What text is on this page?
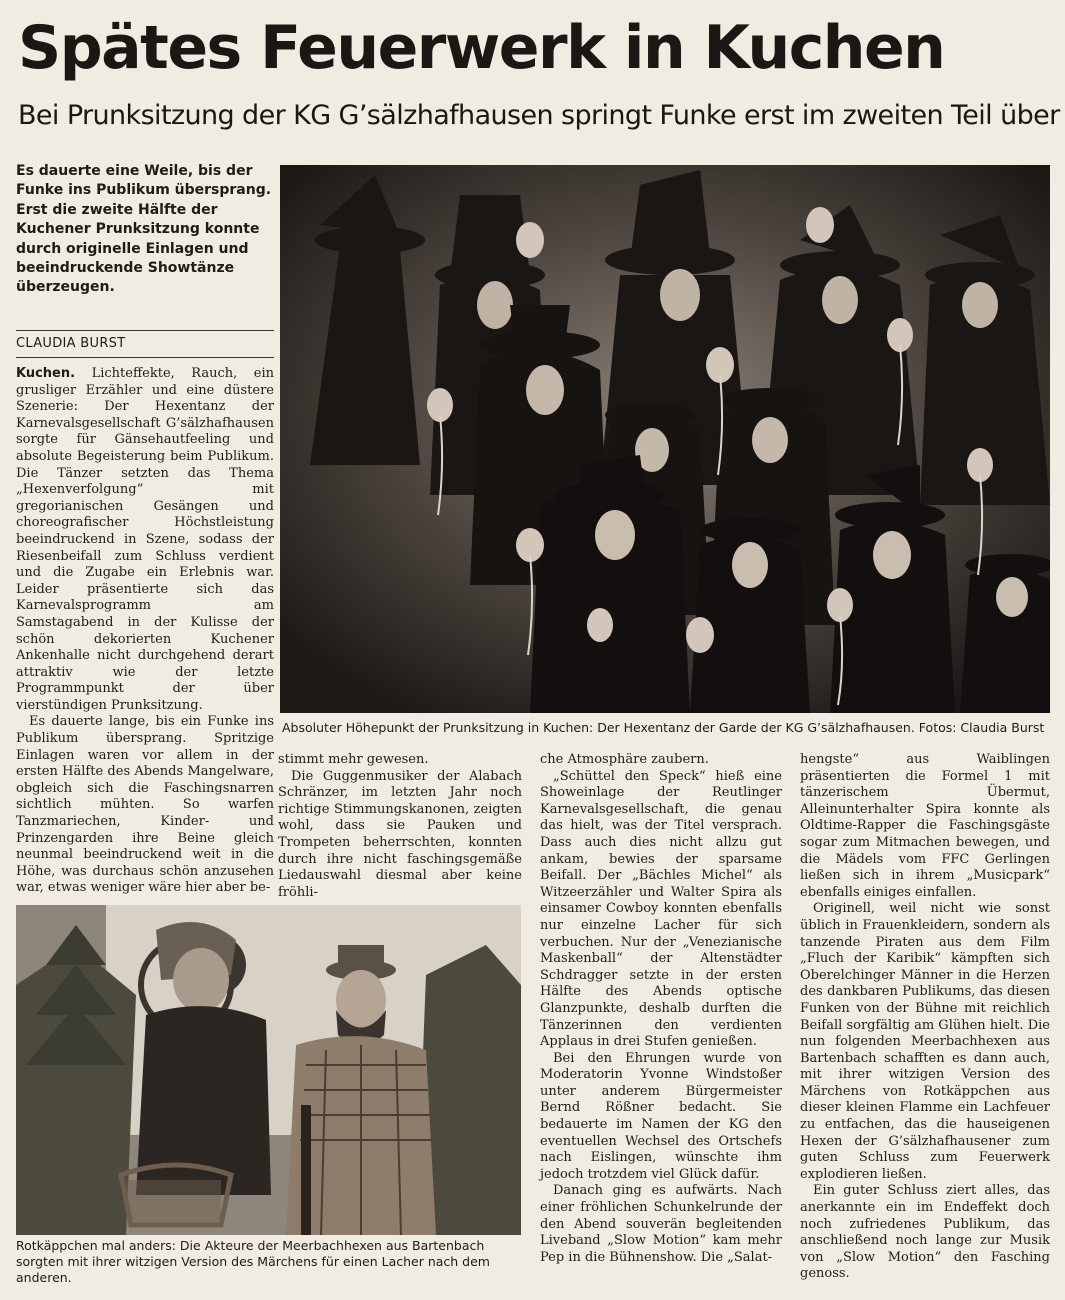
Spätes Feuerwerk in Kuchen
Bei Prunksitzung der KG G’sälzhafhausen springt Funke erst im zweiten Teil über

Es dauerte eine Weile, bis der Funke ins Publikum übersprang. Erst die zweite Hälfte der Kuchener Prunksitzung konnte durch originelle Einlagen und beeindruckende Showtänze überzeugen.

CLAUDIA BURST

Kuchen. Lichteffekte, Rauch, ein grusliger Erzähler und eine düstere Szenerie: Der Hexentanz der Karnevalsgesellschaft G’sälzhafhausen sorgte für Gänsehautfeeling und absolute Begeisterung beim Publikum. Die Tänzer setzten das Thema „Hexenverfolgung“ mit gregorianischen Gesängen und choreografischer Höchstleistung beeindruckend in Szene, sodass der Riesenbeifall zum Schluss verdient und die Zugabe ein Erlebnis war. Leider präsentierte sich das Karnevalsprogramm am Samstagabend in der Kulisse der schön dekorierten Kuchener Ankenhalle nicht durchgehend derart attraktiv wie der letzte Programmpunkt der über vierstündigen Prunksitzung.

Es dauerte lange, bis ein Funke ins Publikum übersprang. Spritzige Einlagen waren vor allem in der ersten Hälfte des Abends Mangelware, obgleich sich die Faschingsnarren sichtlich mühten. So warfen Tanzmariechen, Kinder- und Prinzengarden ihre Beine gleich neunmal beeindruckend weit in die Höhe, was durchaus schön anzusehen war, etwas weniger wäre hier aber be-

Absoluter Höhepunkt der Prunksitzung in Kuchen: Der Hexentanz der Garde der KG G’sälzhafhausen. Fotos: Claudia Burst

stimmt mehr gewesen.

Die Guggenmusiker der Alabach Schränzer, im letzten Jahr noch richtige Stimmungskanonen, zeigten wohl, dass sie Pauken und Trompeten beherrschten, konnten durch ihre nicht faschingsgemäße Liedauswahl diesmal aber keine fröhli-

che Atmosphäre zaubern.

„Schüttel den Speck“ hieß eine Showeinlage der Reutlinger Karnevalsgesellschaft, die genau das hielt, was der Titel versprach. Dass auch dies nicht allzu gut ankam, bewies der sparsame Beifall. Der „Bächles Michel“ als Witzeerzähler und Walter Spira als einsamer Cowboy konnten ebenfalls nur einzelne Lacher für sich verbuchen. Nur der „Venezianische Maskenball“ der Altenstädter Schdragger setzte in der ersten Hälfte des Abends optische Glanzpunkte, deshalb durften die Tänzerinnen den verdienten Applaus in drei Stufen genießen.

Bei den Ehrungen wurde von Moderatorin Yvonne Windstoßer unter anderem Bürgermeister Bernd Rößner bedacht. Sie bedauerte im Namen der KG den eventuellen Wechsel des Ortschefs nach Eislingen, wünschte ihm jedoch trotzdem viel Glück dafür.

Danach ging es aufwärts. Nach einer fröhlichen Schunkelrunde der den Abend souverän begleitenden Liveband „Slow Motion“ kam mehr Pep in die Bühnenshow. Die „Salat-

hengste“ aus Waiblingen präsentierten die Formel 1 mit tänzerischem Übermut, Alleinunterhalter Spira konnte als Oldtime-Rapper die Faschingsgäste sogar zum Mitmachen bewegen, und die Mädels vom FFC Gerlingen ließen sich in ihrem „Musicpark“ ebenfalls einiges einfallen.

Originell, weil nicht wie sonst üblich in Frauenkleidern, sondern als tanzende Piraten aus dem Film „Fluch der Karibik“ kämpften sich Oberelchinger Männer in die Herzen des dankbaren Publikums, das diesen Funken von der Bühne mit reichlich Beifall sorgfältig am Glühen hielt. Die nun folgenden Meerbachhexen aus Bartenbach schafften es dann auch, mit ihrer witzigen Version des Märchens von Rotkäppchen aus dieser kleinen Flamme ein Lachfeuer zu entfachen, das die hauseigenen Hexen der G’sälzhafhausener zum guten Schluss zum Feuerwerk explodieren ließen.

Ein guter Schluss ziert alles, das anerkannte ein im Endeffekt doch noch zufriedenes Publikum, das anschließend noch lange zur Musik von „Slow Motion“ den Fasching genoss.

Rotkäppchen mal anders: Die Akteure der Meerbachhexen aus Bartenbach sorgten mit ihrer witzigen Version des Märchens für einen Lacher nach dem anderen.
